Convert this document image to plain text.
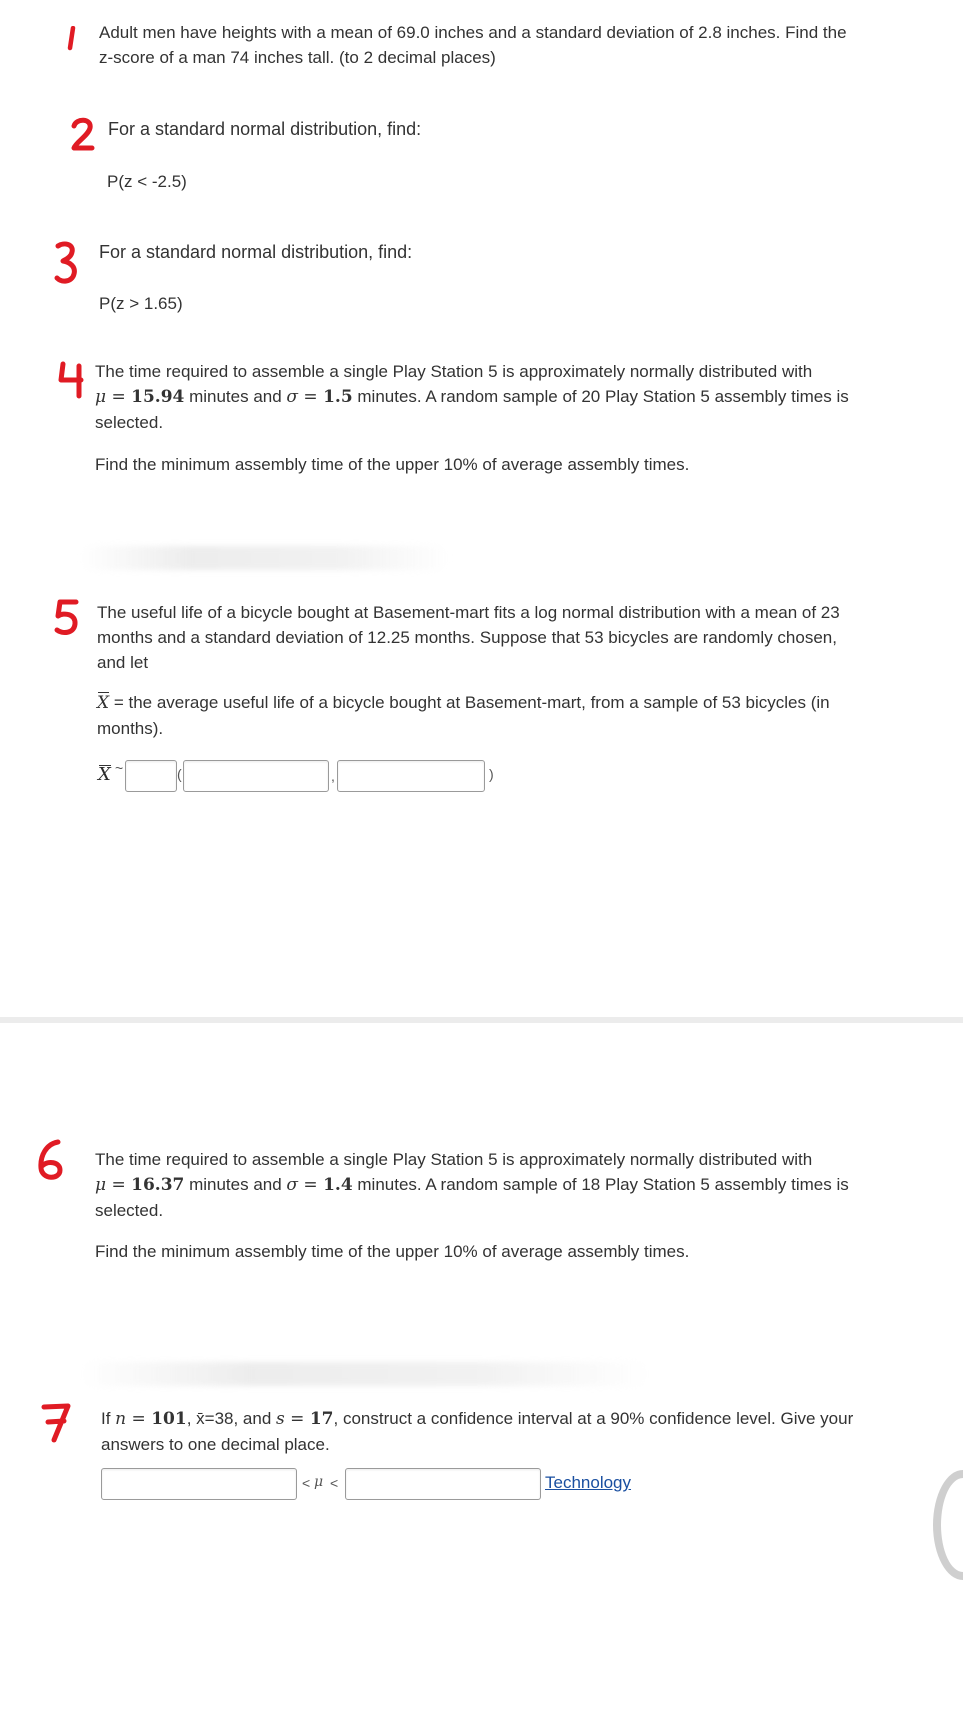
Adult men have heights with a mean of 69.0 inches and a standard deviation of 2.8 inches. Find the z-score of a man 74 inches tall. (to 2 decimal places)
For a standard normal distribution, find:
P(z < -2.5)
For a standard normal distribution, find:
P(z > 1.65)
The time required to assemble a single Play Station 5 is approximately normally distributed with
μ = 15.94 minutes and σ = 1.5 minutes. A random sample of 20 Play Station 5 assembly times is
selected.
Find the minimum assembly time of the upper 10% of average assembly times.
The useful life of a bicycle bought at Basement-mart fits a log normal distribution with a mean of 23 months and a standard deviation of 12.25 months. Suppose that 53 bicycles are randomly chosen, and let
X = the average useful life of a bicycle bought at Basement-mart, from a sample of 53 bicycles (in months).
X ~	(	,	)
The time required to assemble a single Play Station 5 is approximately normally distributed with
μ = 16.37 minutes and σ = 1.4 minutes. A random sample of 18 Play Station 5 assembly times is
selected.
Find the minimum assembly time of the upper 10% of average assembly times.
If n = 101, x̄=38, and s = 17, construct a confidence interval at a 90% confidence level. Give your
answers to one decimal place.
< μ <	Technology
